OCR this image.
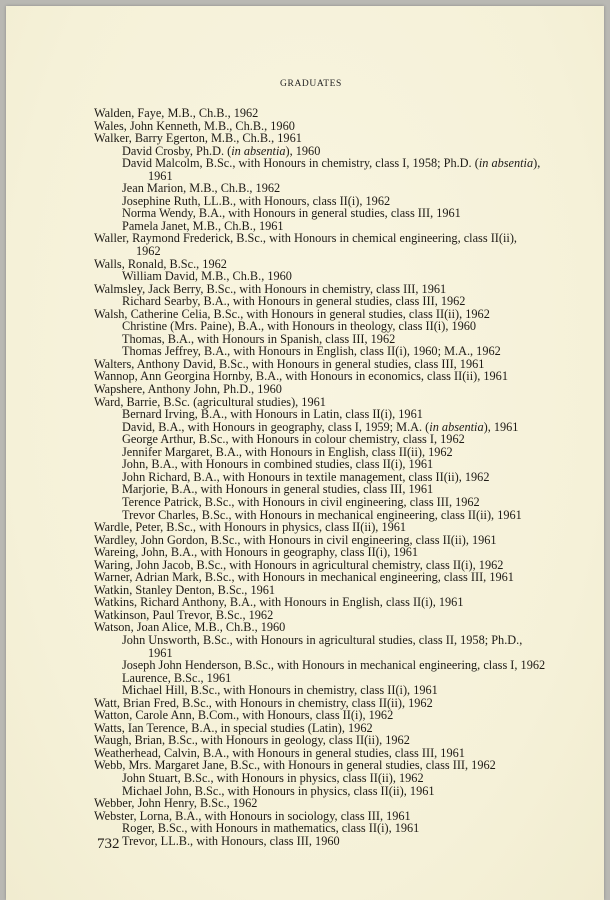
GRADUATES
Walden, Faye, M.B., Ch.B., 1962
Wales, John Kenneth, M.B., Ch.B., 1960
Walker, Barry Egerton, M.B., Ch.B., 1961
David Crosby, Ph.D. (in absentia), 1960
David Malcolm, B.Sc., with Honours in chemistry, class I, 1958; Ph.D. (in absentia),
1961
Jean Marion, M.B., Ch.B., 1962
Josephine Ruth, LL.B., with Honours, class II(i), 1962
Norma Wendy, B.A., with Honours in general studies, class III, 1961
Pamela Janet, M.B., Ch.B., 1961
Waller, Raymond Frederick, B.Sc., with Honours in chemical engineering, class II(ii),
1962
Walls, Ronald, B.Sc., 1962
William David, M.B., Ch.B., 1960
Walmsley, Jack Berry, B.Sc., with Honours in chemistry, class III, 1961
Richard Searby, B.A., with Honours in general studies, class III, 1962
Walsh, Catherine Celia, B.Sc., with Honours in general studies, class II(ii), 1962
Christine (Mrs. Paine), B.A., with Honours in theology, class II(i), 1960
Thomas, B.A., with Honours in Spanish, class III, 1962
Thomas Jeffrey, B.A., with Honours in English, class II(i), 1960; M.A., 1962
Walters, Anthony David, B.Sc., with Honours in general studies, class III, 1961
Wannop, Ann Georgina Hornby, B.A., with Honours in economics, class II(ii), 1961
Wapshere, Anthony John, Ph.D., 1960
Ward, Barrie, B.Sc. (agricultural studies), 1961
Bernard Irving, B.A., with Honours in Latin, class II(i), 1961
David, B.A., with Honours in geography, class I, 1959; M.A. (in absentia), 1961
George Arthur, B.Sc., with Honours in colour chemistry, class I, 1962
Jennifer Margaret, B.A., with Honours in English, class II(ii), 1962
John, B.A., with Honours in combined studies, class II(i), 1961
John Richard, B.A., with Honours in textile management, class II(ii), 1962
Marjorie, B.A., with Honours in general studies, class III, 1961
Terence Patrick, B.Sc., with Honours in civil engineering, class III, 1962
Trevor Charles, B.Sc., with Honours in mechanical engineering, class II(ii), 1961
Wardle, Peter, B.Sc., with Honours in physics, class II(ii), 1961
Wardley, John Gordon, B.Sc., with Honours in civil engineering, class II(ii), 1961
Wareing, John, B.A., with Honours in geography, class II(i), 1961
Waring, John Jacob, B.Sc., with Honours in agricultural chemistry, class II(i), 1962
Warner, Adrian Mark, B.Sc., with Honours in mechanical engineering, class III, 1961
Watkin, Stanley Denton, B.Sc., 1961
Watkins, Richard Anthony, B.A., with Honours in English, class II(i), 1961
Watkinson, Paul Trevor, B.Sc., 1962
Watson, Joan Alice, M.B., Ch.B., 1960
John Unsworth, B.Sc., with Honours in agricultural studies, class II, 1958; Ph.D.,
1961
Joseph John Henderson, B.Sc., with Honours in mechanical engineering, class I, 1962
Laurence, B.Sc., 1961
Michael Hill, B.Sc., with Honours in chemistry, class II(i), 1961
Watt, Brian Fred, B.Sc., with Honours in chemistry, class II(ii), 1962
Watton, Carole Ann, B.Com., with Honours, class II(i), 1962
Watts, Ian Terence, B.A., in special studies (Latin), 1962
Waugh, Brian, B.Sc., with Honours in geology, class II(ii), 1962
Weatherhead, Calvin, B.A., with Honours in general studies, class III, 1961
Webb, Mrs. Margaret Jane, B.Sc., with Honours in general studies, class III, 1962
John Stuart, B.Sc., with Honours in physics, class II(ii), 1962
Michael John, B.Sc., with Honours in physics, class II(ii), 1961
Webber, John Henry, B.Sc., 1962
Webster, Lorna, B.A., with Honours in sociology, class III, 1961
Roger, B.Sc., with Honours in mathematics, class II(i), 1961
Trevor, LL.B., with Honours, class III, 1960
732
